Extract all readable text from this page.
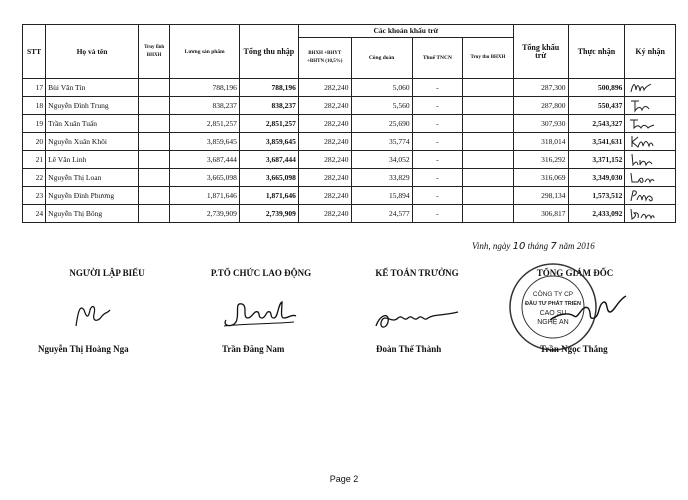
STT	Họ và tên	Truy lĩnh BHXH	Lương sản phẩm	Tổng thu nhập	Các khoản khấu trừ				Tổng khấu trừ	Thực nhận	Ký nhận
					BHXH +BHYT +BHTN (10,5%)	Công đoàn	Thuế TNCN	Truy thu BHXH			
17	Bùi Văn Tín		788,196	788,196	282,240	5,060	-		287,300	500,896	

18	Nguyễn Đình Trung		838,237	838,237	282,240	5,560	-		287,800	550,437	

19	Trần Xuân Tuấn		2,851,257	2,851,257	282,240	25,690	-		307,930	2,543,327	

20	Nguyễn Xuân Khôi		3,859,645	3,859,645	282,240	35,774	-		318,014	3,541,631	

21	Lê Văn Linh		3,687,444	3,687,444	282,240	34,052	-		316,292	3,371,152	

22	Nguyễn Thị Loan		3,665,098	3,665,098	282,240	33,829	-		316,069	3,349,030	

23	Nguyễn Đình Phương		1,871,646	1,871,646	282,240	15,894	-		298,134	1,573,512	

24	Nguyễn Thị Bông		2,739,909	2,739,909	282,240	24,577	-		306,817	2,433,092	
Vinh, ngày 10 tháng 7 năm 2016
NGƯỜI LẬP BIỂU
Nguyễn Thị Hoàng Nga
P.TỔ CHỨC LAO ĐỘNG
Trần Đăng Nam
KẾ TOÁN TRƯỞNG
Đoàn Thế Thành
TỔNG GIÁM ĐỐC
CÔNG TY CP
ĐẦU TƯ PHÁT TRIỂN
CAO SU
NGHỆ AN
Trần Ngọc Thắng
Page 2
